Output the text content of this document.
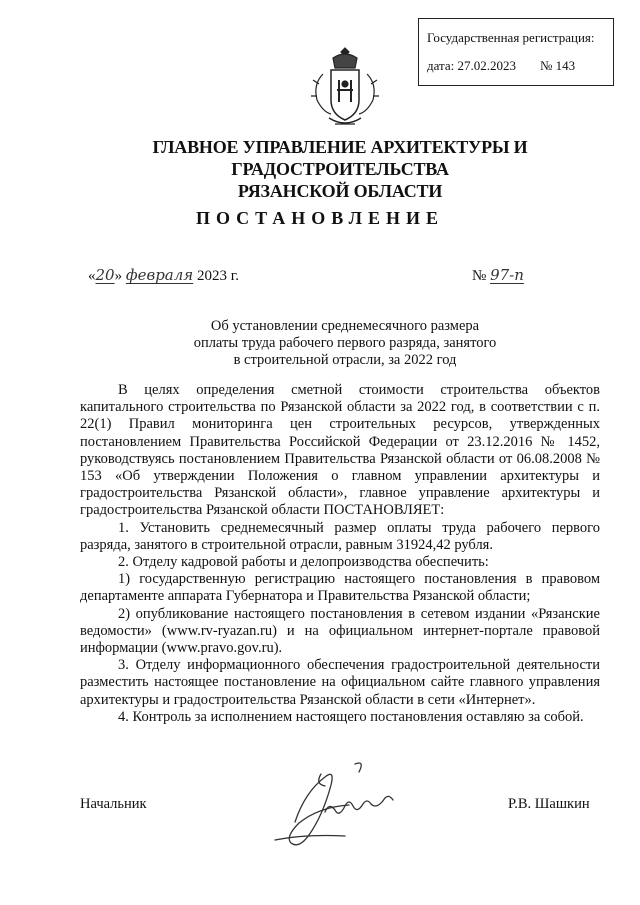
Государственная регистрация:
дата: 27.02.2023 № 143
ГЛАВНОЕ УПРАВЛЕНИЕ АРХИТЕКТУРЫ И ГРАДОСТРОИТЕЛЬСТВА
РЯЗАНСКОЙ ОБЛАСТИ
ПОСТАНОВЛЕНИЕ
«20» февраля 2023 г.	№ 97-п
Об установлении среднемесячного размера
оплаты труда рабочего первого разряда, занятого
в строительной отрасли, за 2022 год

В целях определения сметной стоимости строительства объектов капитального строительства по Рязанской области за 2022 год, в соответствии с п. 22(1) Правил мониторинга цен строительных ресурсов, утвержденных постановлением Правительства Российской Федерации от 23.12.2016 № 1452, руководствуясь постановлением Правительства Рязанской области от 06.08.2008 № 153 «Об утверждении Положения о главном управлении архитектуры и градостроительства Рязанской области», главное управление архитектуры и градостроительства Рязанской области ПОСТАНОВЛЯЕТ:

1. Установить среднемесячный размер оплаты труда рабочего первого разряда, занятого в строительной отрасли, равным 31924,42 рубля.

2. Отделу кадровой работы и делопроизводства обеспечить:

1) государственную регистрацию настоящего постановления в правовом департаменте аппарата Губернатора и Правительства Рязанской области;

2) опубликование настоящего постановления в сетевом издании «Рязанские ведомости» (www.rv-ryazan.ru) и на официальном интернет-портале правовой информации (www.pravo.gov.ru).

3. Отделу информационного обеспечения градостроительной деятельности разместить настоящее постановление на официальном сайте главного управления архитектуры и градостроительства Рязанской области в сети «Интернет».

4. Контроль за исполнением настоящего постановления оставляю за собой.

Начальник	Р.В. Шашкин
